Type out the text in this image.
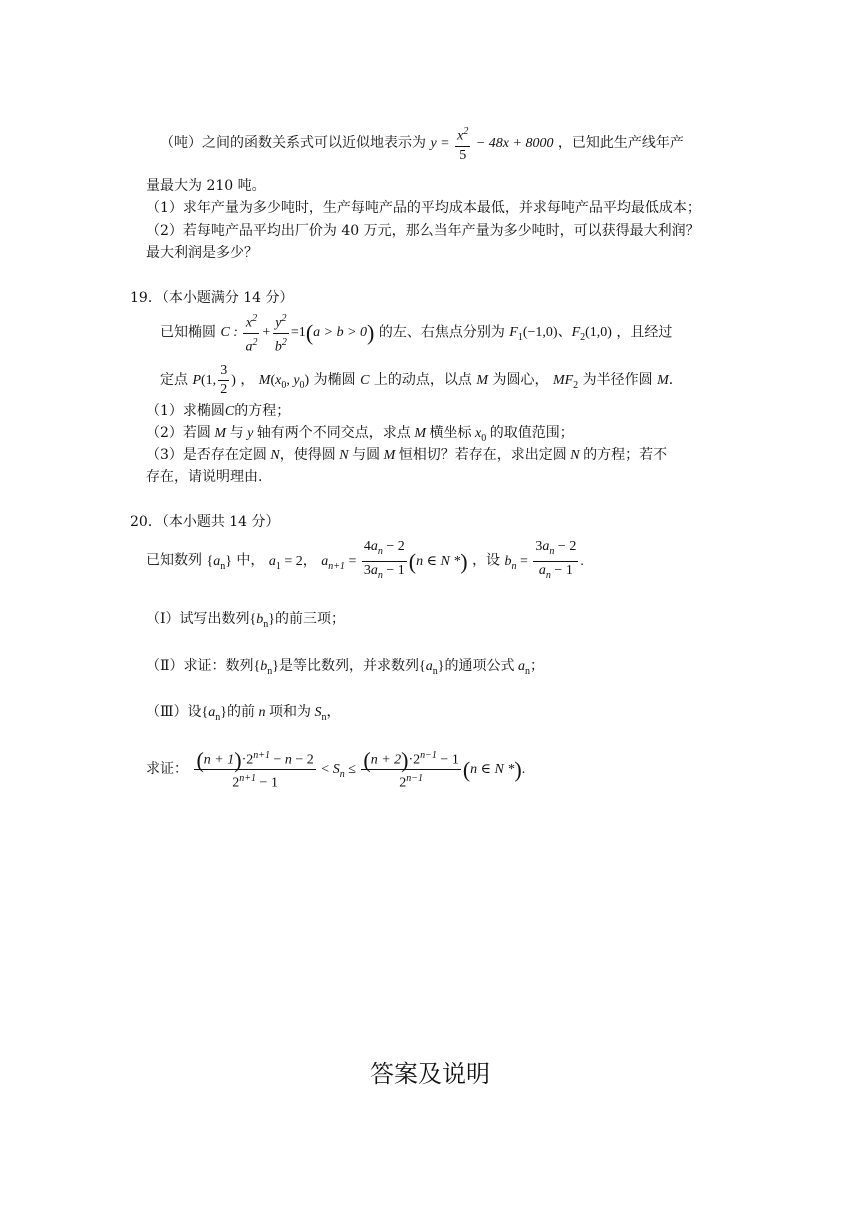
（吨）之间的函数关系式可以近似地表示为 $y = \frac{x^2}{5} - 48x + 8000$ ，已知此生产线年产
量最大为 210 吨。
（1）求年产量为多少吨时，生产每吨产品的平均成本最低，并求每吨产品平均最低成本；
（2）若每吨产品平均出厂价为 40 万元，那么当年产量为多少吨时，可以获得最大利润？
最大利润是多少？
19．（本小题满分 14 分）
已知椭圆 C : $\frac{x^2}{a^2} + \frac{y^2}{b^2} =1(a > b > 0)$ 的左、右焦点分别为 $F_1(-1,0)$、$F_2(1,0)$ ，且经过
定点 P(1, $\frac{3}{2}$ ) ， $M(x_0$, $y_0$) 为椭圆 C 上的动点，以点 M 为圆心， $MF_2$ 为半径作圆 M.
（1）求椭圆C的方程；
（2）若圆 M 与 y 轴有两个不同交点，求点 M 横坐标 $x_0$ 的取值范围；
（3）是否存在定圆 N，使得圆 N 与圆 M 恒相切？若存在，求出定圆 N 的方程；若不
存在，请说明理由.
20．（本小题共 14 分）
已知数列 $\{a_n\}$ 中， $a_1 = 2$， $a_{n+1} = \frac{4a_n - 2}{3a_n - 1} (n$ ∈ N *) ，设 $b_n = \frac{3a_n - 2}{a_n - 1}$ .
（Ⅰ）试写出数列$\{b_n\}$的前三项；
（Ⅱ）求证：数列$\{b_n\}$是等比数列，并求数列$\{a_n\}$的通项公式 $a_n$；
（Ⅲ）设$\{a_n\}$的前 n 项和为 $S_n$，
求证： $\frac{(n + 1)\cdot 2^{n+1} - n - 2}{2^{n+1} - 1} < S_n \le \frac{(n + 2)\cdot 2^{n-1} - 1}{2^{n-1}} (n$ ∈ N *).
答案及说明
